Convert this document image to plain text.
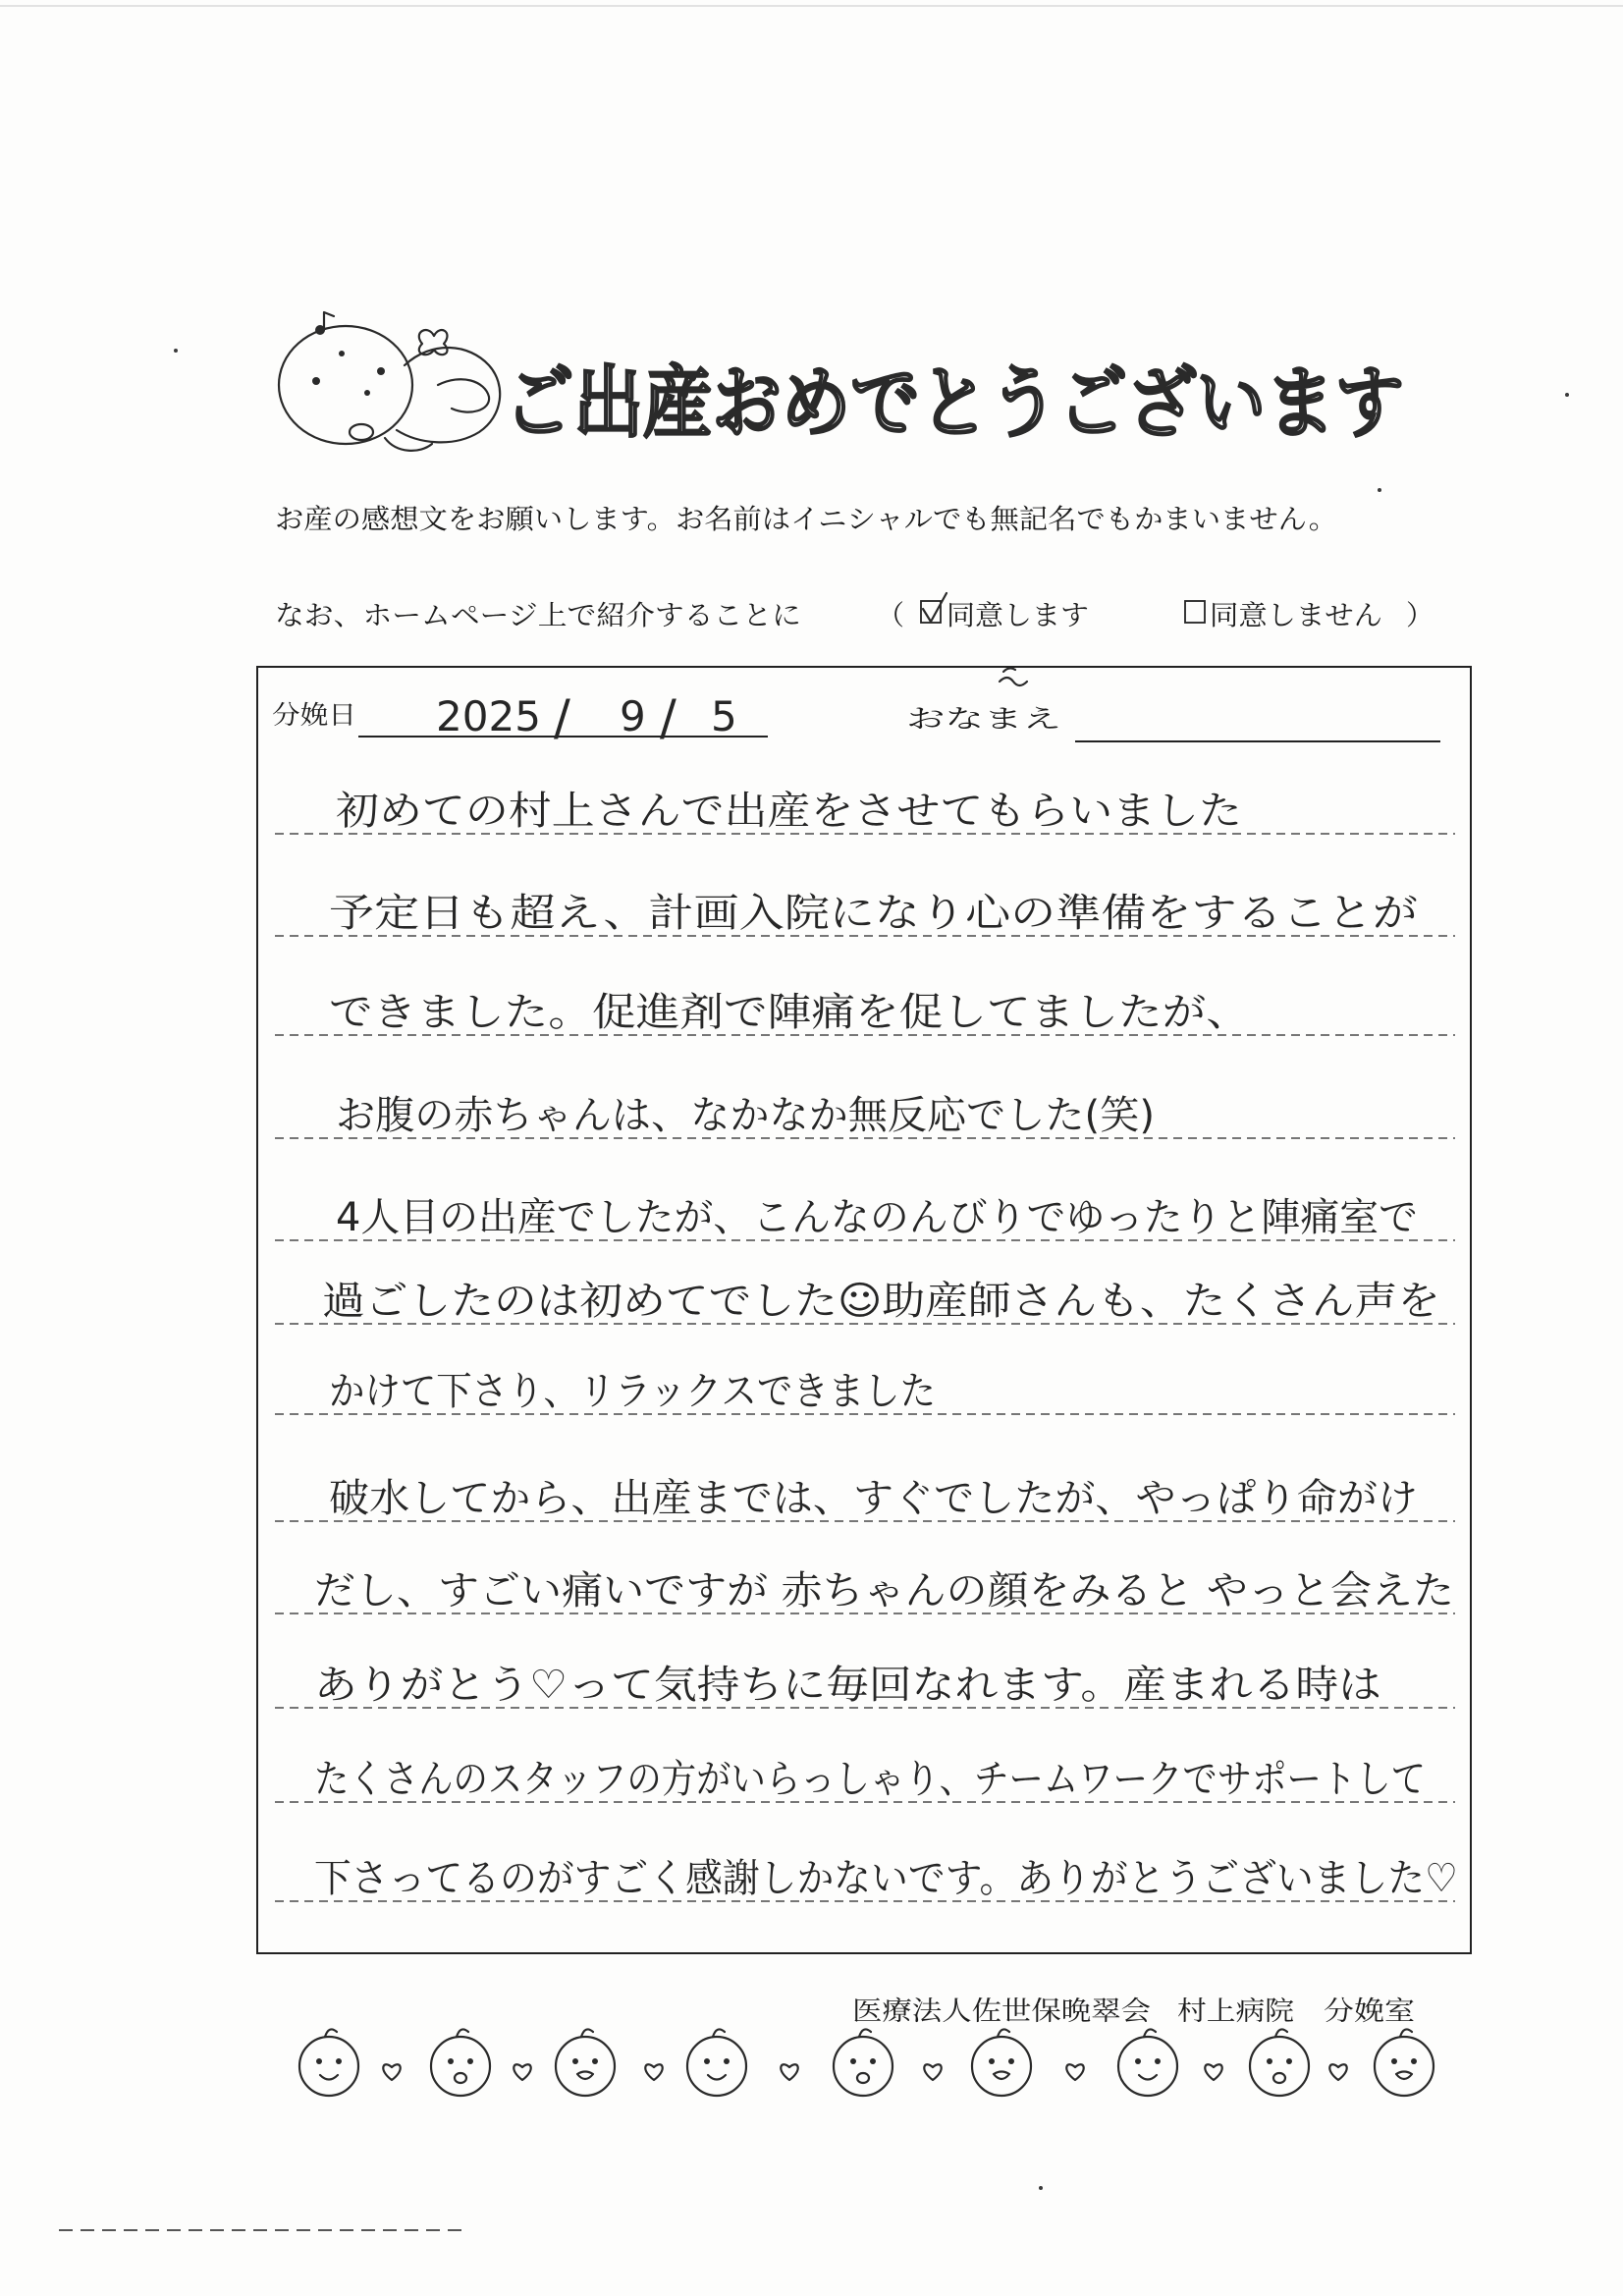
ご出産おめでとうございます
お産の感想文をお願いします。お名前はイニシャルでも無記名でもかまいません。
なお、ホームページ上で紹介することに	（ 同意します	同意しません ）
分娩日 2025 / 9 / 5	おなまえ
初めての村上さんで出産をさせてもらいました
予定日も超え、計画入院になり心の準備をすることが
できました。促進剤で陣痛を促してましたが、
お腹の赤ちゃんは、なかなか無反応でした(笑)
4人目の出産でしたが、こんなのんびりでゆったりと陣痛室で
過ごしたのは初めてでした☺助産師さんも、たくさん声を
かけて下さり、リラックスできました
破水してから、出産までは、すぐでしたが、やっぱり命がけ
だし、すごい痛いですが 赤ちゃんの顔をみると やっと会えた
ありがとう♡って気持ちに毎回なれます。産まれる時は
たくさんのスタッフの方がいらっしゃり、チームワークでサポートして
下さってるのがすごく感謝しかないです。ありがとうございました♡
医療法人佐世保晩翠会 村上病院 分娩室
